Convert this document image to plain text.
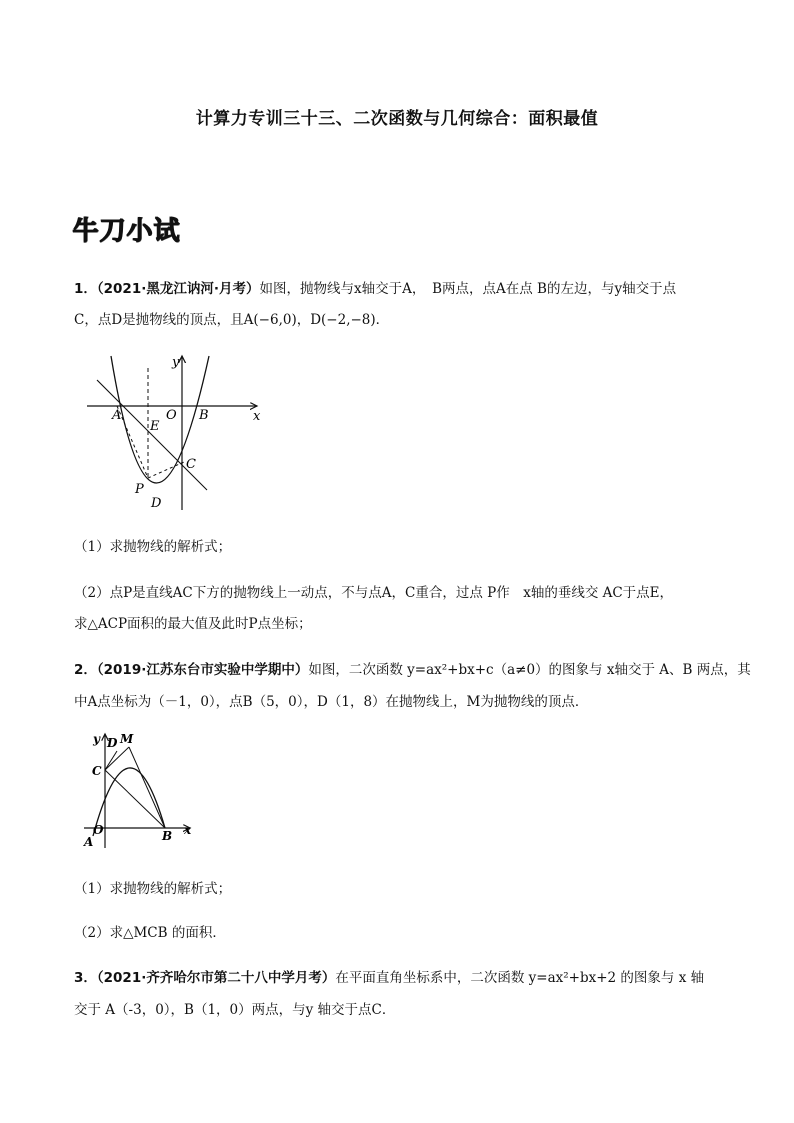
计算力专训三十三、二次函数与几何综合：面积最值
牛刀小试
1．（2021·黑龙江讷河·月考）如图，抛物线与x轴交于A，　B两点，点A在点 B的左边，与y轴交于点
C，点D是抛物线的顶点，且A(−6,0)，D(−2,−8)．
y
x
A	O B
E
C
P
D
（1）求抛物线的解析式；
（2）点P是直线AC下方的抛物线上一动点，不与点A，C重合，过点 P作　x轴的垂线交 AC于点E，
求△ACP面积的最大值及此时P点坐标；
2．（2019·江苏东台市实验中学期中）如图，二次函数 y=ax²+bx+c（a≠0）的图象与 x轴交于 A、B 两点，其
中A点坐标为（－1，0），点B（5，0），D（1，8）在抛物线上，M为抛物线的顶点．
y D M
C
O
A	B x
（1）求抛物线的解析式；
（2）求△MCB 的面积．
3．（2021·齐齐哈尔市第二十八中学月考）在平面直角坐标系中，二次函数 y=ax²+bx+2 的图象与 x 轴
交于 A（-3，0），B（1，0）两点，与y 轴交于点C．
